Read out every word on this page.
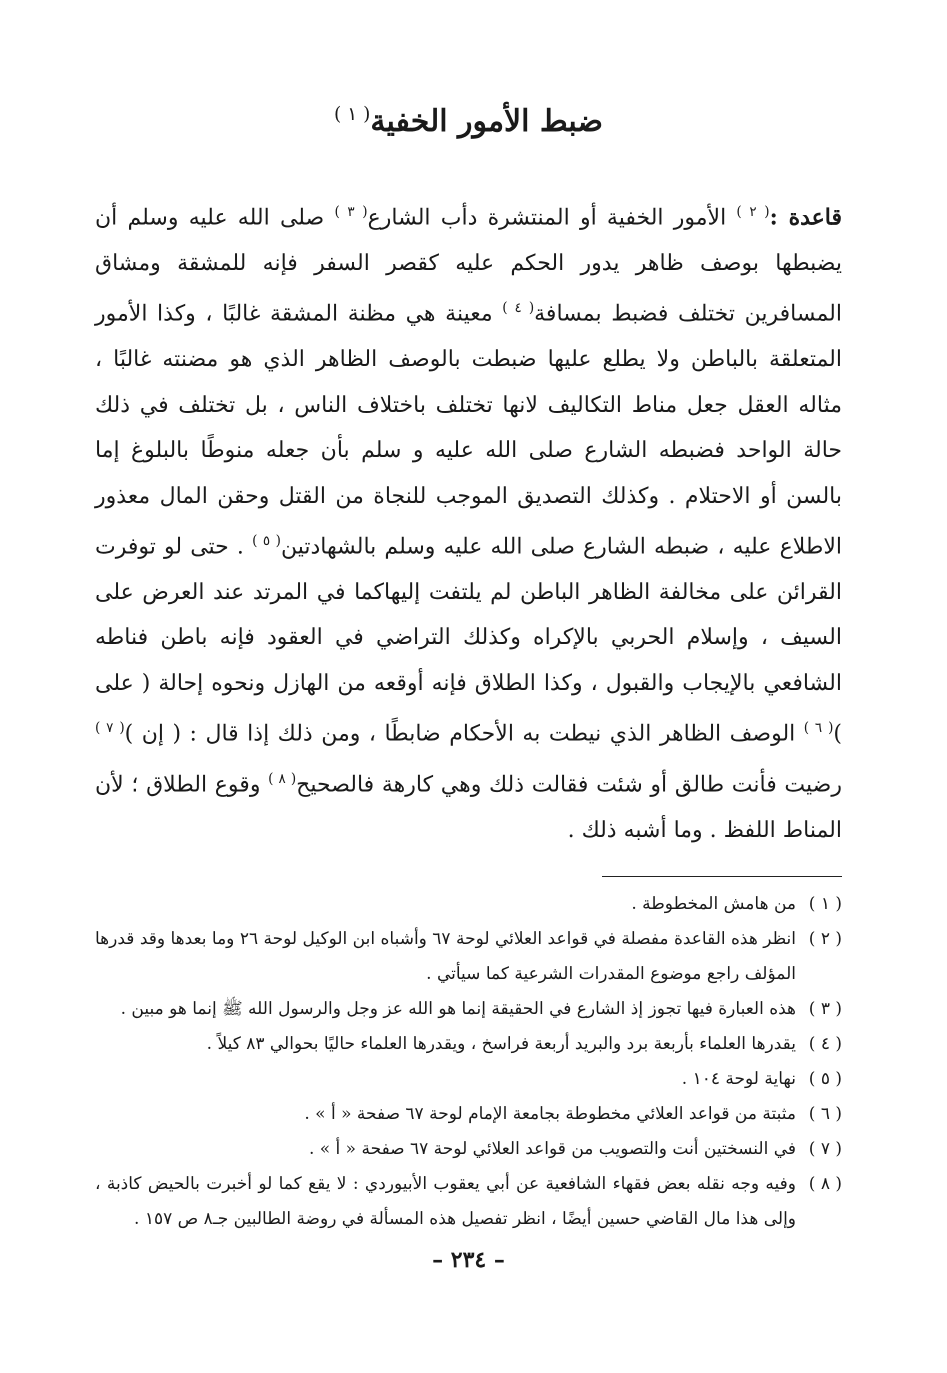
ضبط الأمور الخفية$^{( ١ )}$

قاعدة :$^{( ٢ )}$ الأمور الخفية أو المنتشرة دأب الشارع$^{( ٣ )}$ صلى الله عليه وسلم أن يضبطها بوصف ظاهر يدور الحكم عليه كقصر السفر فإنه للمشقة ومشاق المسافرين تختلف فضبط بمسافة$^{( ٤ )}$ معينة هي مظنة المشقة غالبًا ، وكذا الأمور المتعلقة بالباطن ولا يطلع عليها ضبطت بالوصف الظاهر الذي هو مضنته غالبًا ، مثاله العقل جعل مناط التكاليف لانها تختلف باختلاف الناس ، بل تختلف في ذلك حالة الواحد فضبطه الشارع صلى الله عليه و سلم بأن جعله منوطًا بالبلوغ إما بالسن أو الاحتلام . وكذلك التصديق الموجب للنجاة من القتل وحقن المال معذور الاطلاع عليه ، ضبطه الشارع صلى الله عليه وسلم بالشهادتين$^{( ٥ )}$ . حتى لو توفرت القرائن على مخالفة الظاهر الباطن لم يلتفت إليهاكما في المرتد عند العرض على السيف ، وإسلام الحربي بالإكراه وكذلك التراضي في العقود فإنه باطن فناطه الشافعي بالإيجاب والقبول ، وكذا الطلاق فإنه أوقعه من الهازل ونحوه إحالة ( على )$^{( ٦ )}$ الوصف الظاهر الذي نيطت به الأحكام ضابطًا ، ومن ذلك إذا قال : ( إن )$^{( ٧ )}$ رضيت فأنت طالق أو شئت فقالت ذلك وهي كارهة فالصحيح$^{( ٨ )}$ وقوع الطلاق ؛ لأن المناط اللفظ . وما أشبه ذلك .

( ١ )
من هامش المخطوطة .
( ٢ )
انظر هذه القاعدة مفصلة في قواعد العلائي لوحة ٦٧ وأشباه ابن الوكيل لوحة ٢٦ وما بعدها وقد قدرها المؤلف راجع موضوع المقدرات الشرعية كما سيأتي .
( ٣ )
هذه العبارة فيها تجوز إذ الشارع في الحقيقة إنما هو الله عز وجل والرسول الله ﷺ إنما هو مبين .
( ٤ )
يقدرها العلماء بأربعة برد والبريد أربعة فراسخ ، ويقدرها العلماء حاليًا بحوالي ٨٣ كيلاً .
( ٥ )
نهاية لوحة ١٠٤ .
( ٦ )
مثبتة من قواعد العلائي مخطوطة بجامعة الإمام لوحة ٦٧ صفحة « أ » .
( ٧ )
في النسختين أنت والتصويب من قواعد العلائي لوحة ٦٧ صفحة « أ » .
( ٨ )
وفيه وجه نقله بعض فقهاء الشافعية عن أبي يعقوب الأبيوردي : لا يقع كما لو أخبرت بالحيض كاذبة ، وإلى هذا مال القاضي حسين أيضًا ، انظر تفصيل هذه المسألة في روضة الطالبين جـ٨ ص ١٥٧ .
– ٢٣٤ –
